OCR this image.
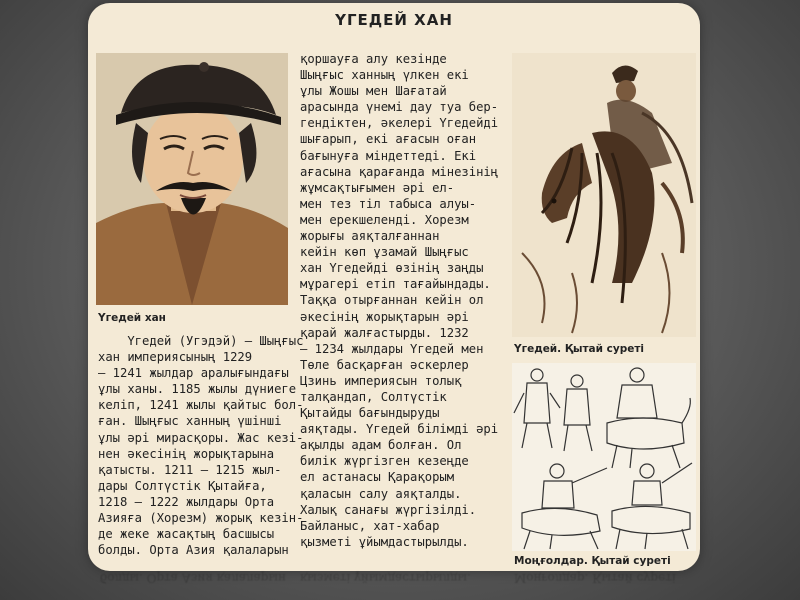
ҮГЕДЕЙ ХАН
Үгедей хан
Үгедей (Угэдэй) – Шыңғыс
хан империясының 1229
– 1241 жылдар аралығындағы
ұлы ханы. 1185 жылы дүниеге
келіп, 1241 жылы қайтыс бол-
ған. Шыңғыс ханның үшінші
ұлы әрі мирасқоры. Жас кезі-
нен әкесінің жорықтарына
қатысты. 1211 – 1215 жыл-
дары Солтүстік Қытайға,
1218 – 1222 жылдары Орта
Азияға (Хорезм) жорық кезін-
де жеке жасақтың басшысы
болды. Орта Азия қалаларын
қоршауға алу кезінде
Шыңғыс ханның үлкен екі
ұлы Жошы мен Шағатай
арасында үнемі дау туа бер-
гендіктен, әкелері Үгедейді
шығарып, екі ағасын оған
бағынуға міндеттеді. Екі
ағасына қарағанда мінезінің
жұмсақтығымен әрі ел-
мен тез тіл табыса алуы-
мен ерекшеленді. Хорезм
жорығы аяқталғаннан
кейін көп ұзамай Шыңғыс
хан Үгедейді өзінің заңды
мұрагері етіп тағайындады.
Таққа отырғаннан кейін ол
әкесінің жорықтарын әрі
қарай жалғастырды. 1232
– 1234 жылдары Үгедей мен
Төле басқарған әскерлер
Цзинь империясын толық
талқандап, Солтүстік
Қытайды бағындыруды
аяқтады. Үгедей білімді әрі
ақылды адам болған. Ол
билік жүргізген кезеңде
ел астанасы Қарақорым
қаласын салу аяқталды.
Халық санағы жүргізілді.
Байланыс, хат-хабар
қызметі ұйымдастырылды.
Үгедей. Қытай суреті
Моңғолдар. Қытай суреті
болды. Орта Азия қалаларын қызметі ұйымдастырылды.	Моңғолдар. Қытай суреті
